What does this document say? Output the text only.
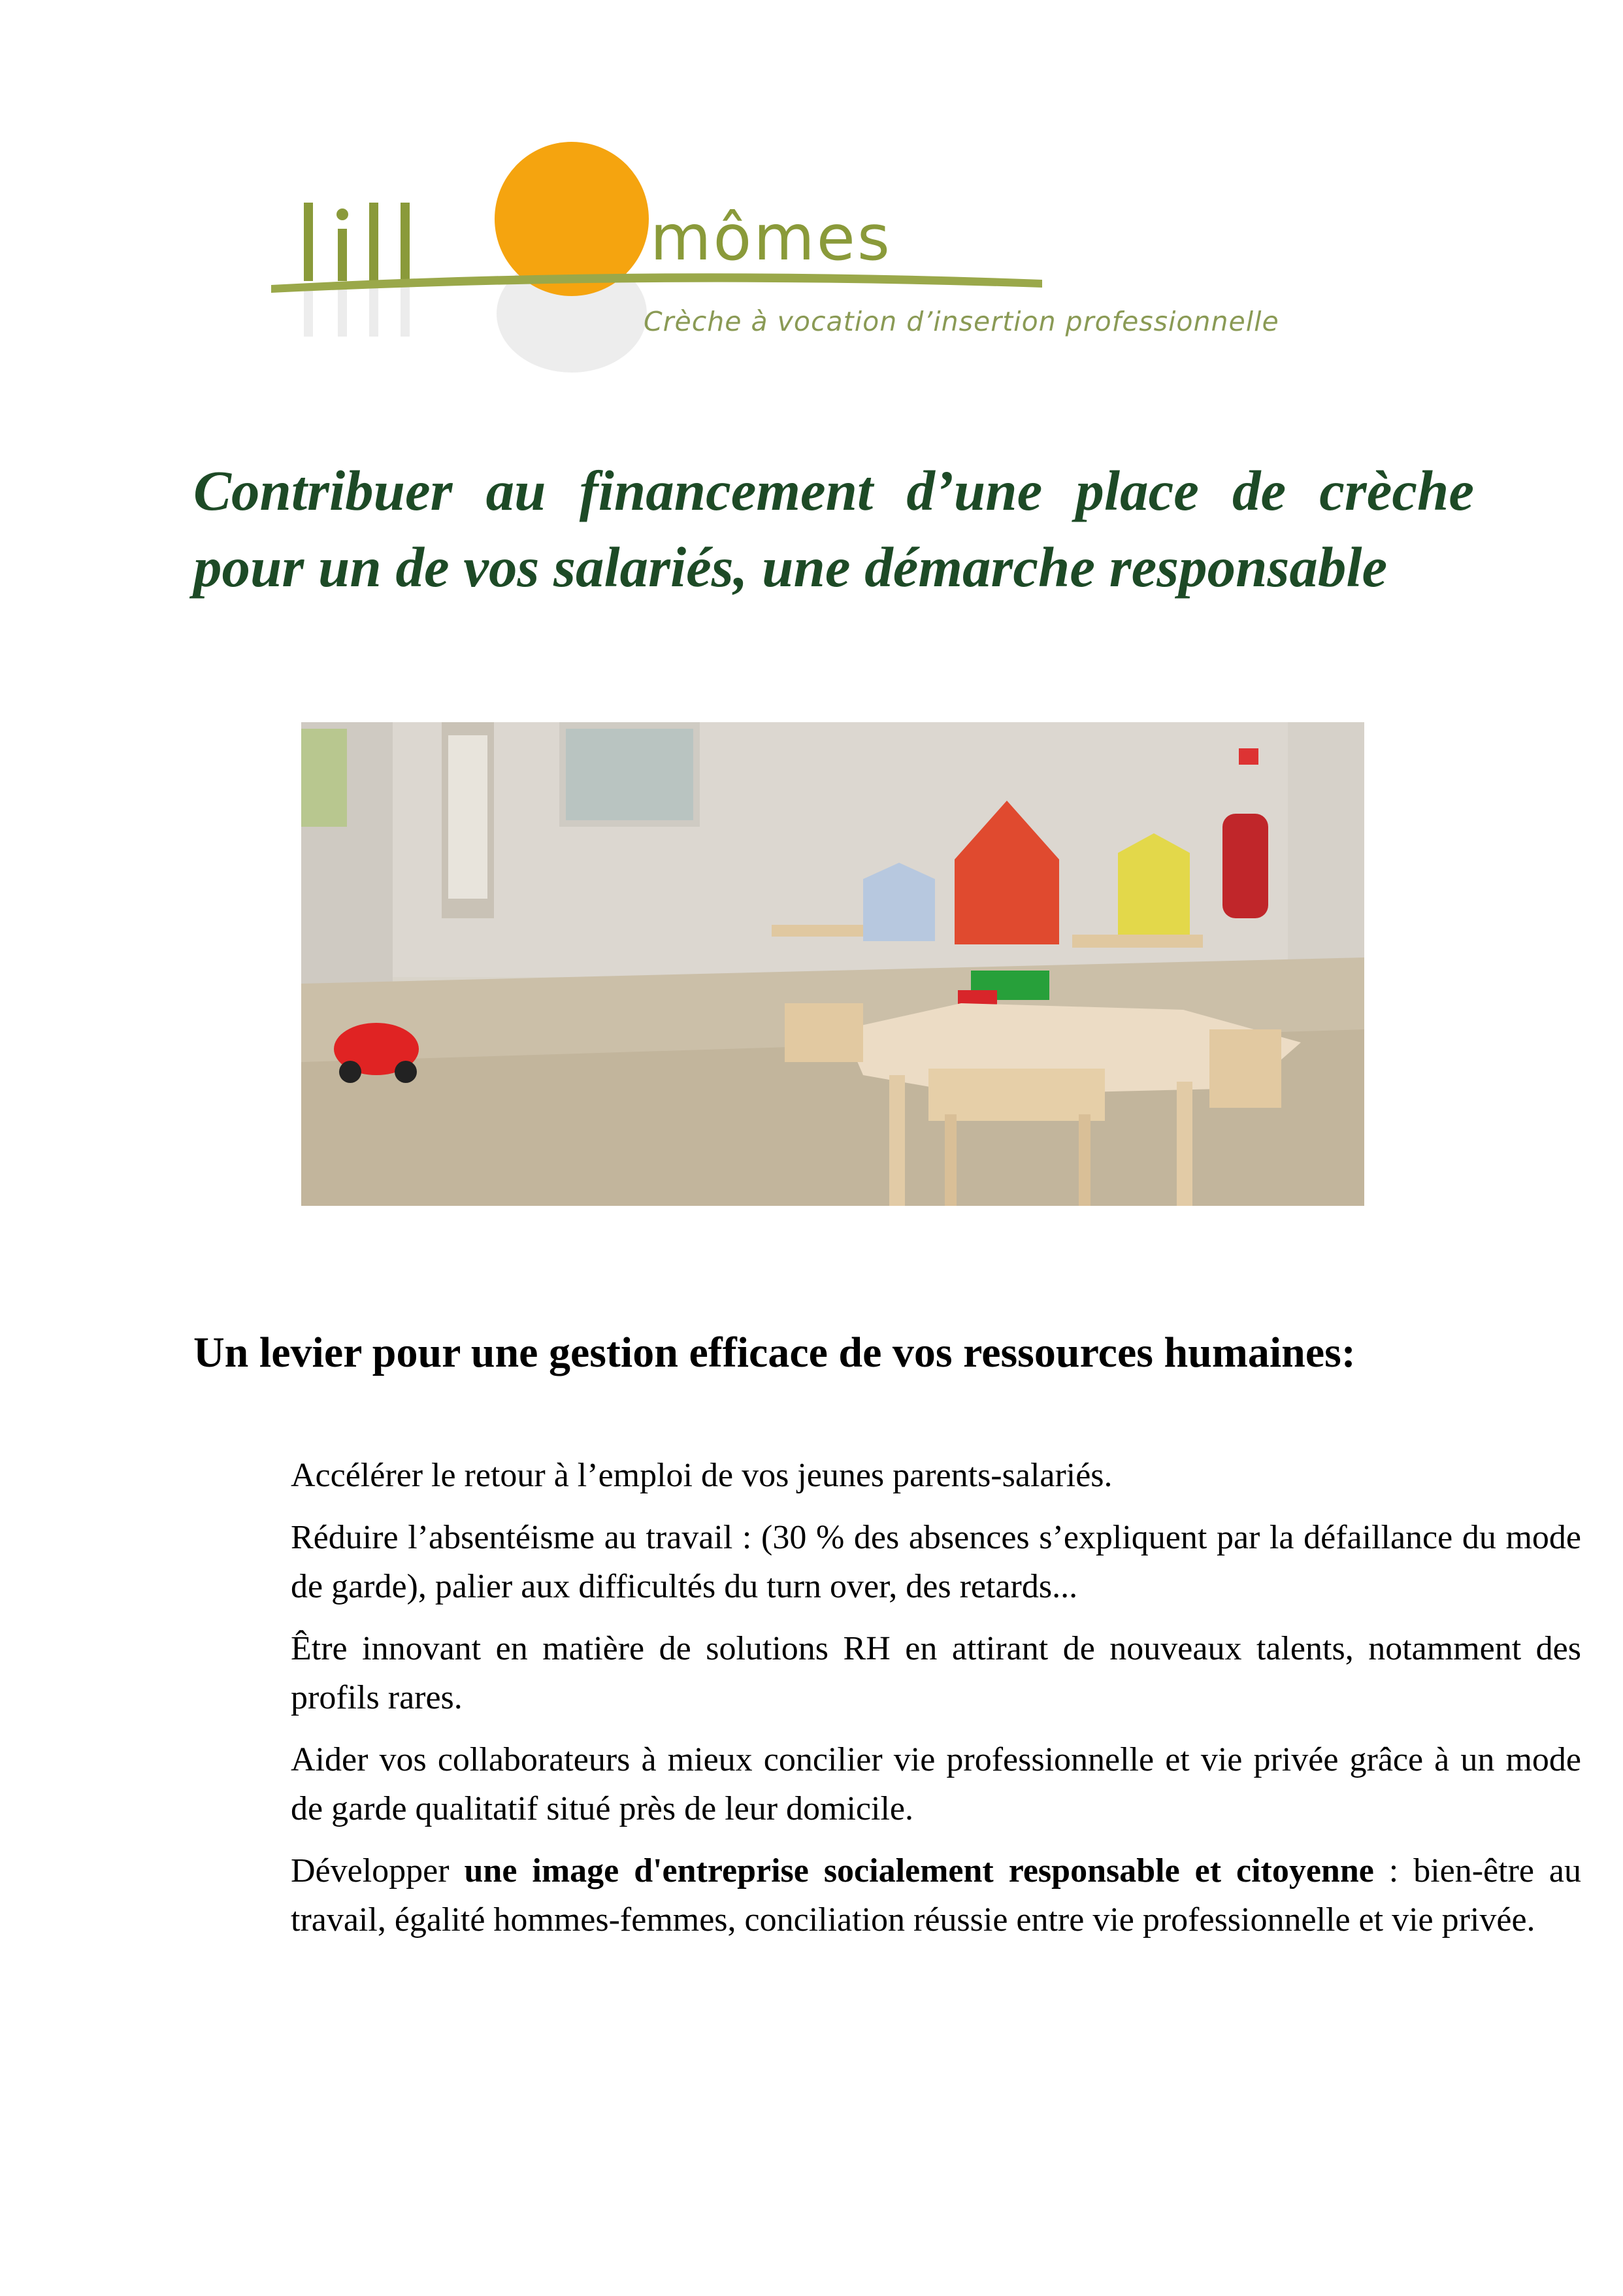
mômes
Crèche à vocation d’insertion professionnelle
Contribuer au financement d’une place de crèche pour un de vos salariés, une démarche responsable
Un levier pour une gestion efficace de vos ressources humaines:

Accélérer le retour à l’emploi de vos jeunes parents-salariés.

Réduire l’absentéisme au travail : (30 % des absences s’expliquent par la défaillance du mode de garde), palier aux difficultés du turn over, des retards...

Être innovant en matière de solutions RH en attirant de nouveaux talents, notamment des profils rares.

Aider vos collaborateurs à mieux concilier vie professionnelle et vie privée grâce à un mode de garde qualitatif situé près de leur domicile.

Développer une image d'entreprise socialement responsable et citoyenne : bien-être au travail, égalité hommes-femmes, conciliation réussie entre vie professionnelle et vie privée.
